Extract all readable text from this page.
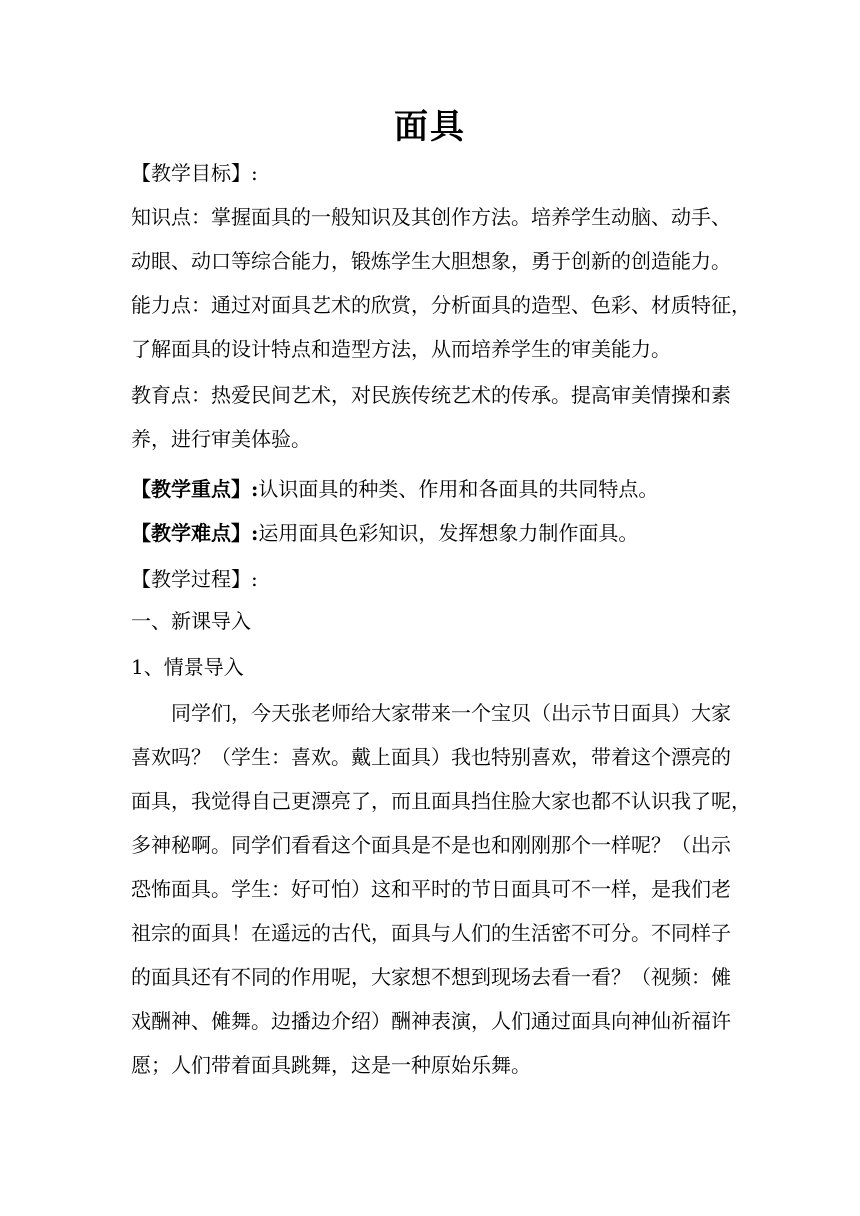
面具
【教学目标】:
知识点：掌握面具的一般知识及其创作方法。培养学生动脑、动手、
动眼、动口等综合能力，锻炼学生大胆想象，勇于创新的创造能力。
能力点：通过对面具艺术的欣赏，分析面具的造型、色彩、材质特征，
了解面具的设计特点和造型方法，从而培养学生的审美能力。
教育点：热爱民间艺术，对民族传统艺术的传承。提高审美情操和素
养，进行审美体验。
【教学重点】:认识面具的种类、作用和各面具的共同特点。
【教学难点】:运用面具色彩知识，发挥想象力制作面具。
【教学过程】:
一、新课导入
1、情景导入
同学们，今天张老师给大家带来一个宝贝（出示节日面具）大家
喜欢吗？（学生：喜欢。戴上面具）我也特别喜欢，带着这个漂亮的
面具，我觉得自己更漂亮了，而且面具挡住脸大家也都不认识我了呢，
多神秘啊。同学们看看这个面具是不是也和刚刚那个一样呢？（出示
恐怖面具。学生：好可怕）这和平时的节日面具可不一样，是我们老
祖宗的面具！在遥远的古代，面具与人们的生活密不可分。不同样子
的面具还有不同的作用呢，大家想不想到现场去看一看？（视频：傩
戏酬神、傩舞。边播边介绍）酬神表演，人们通过面具向神仙祈福许
愿；人们带着面具跳舞，这是一种原始乐舞。
